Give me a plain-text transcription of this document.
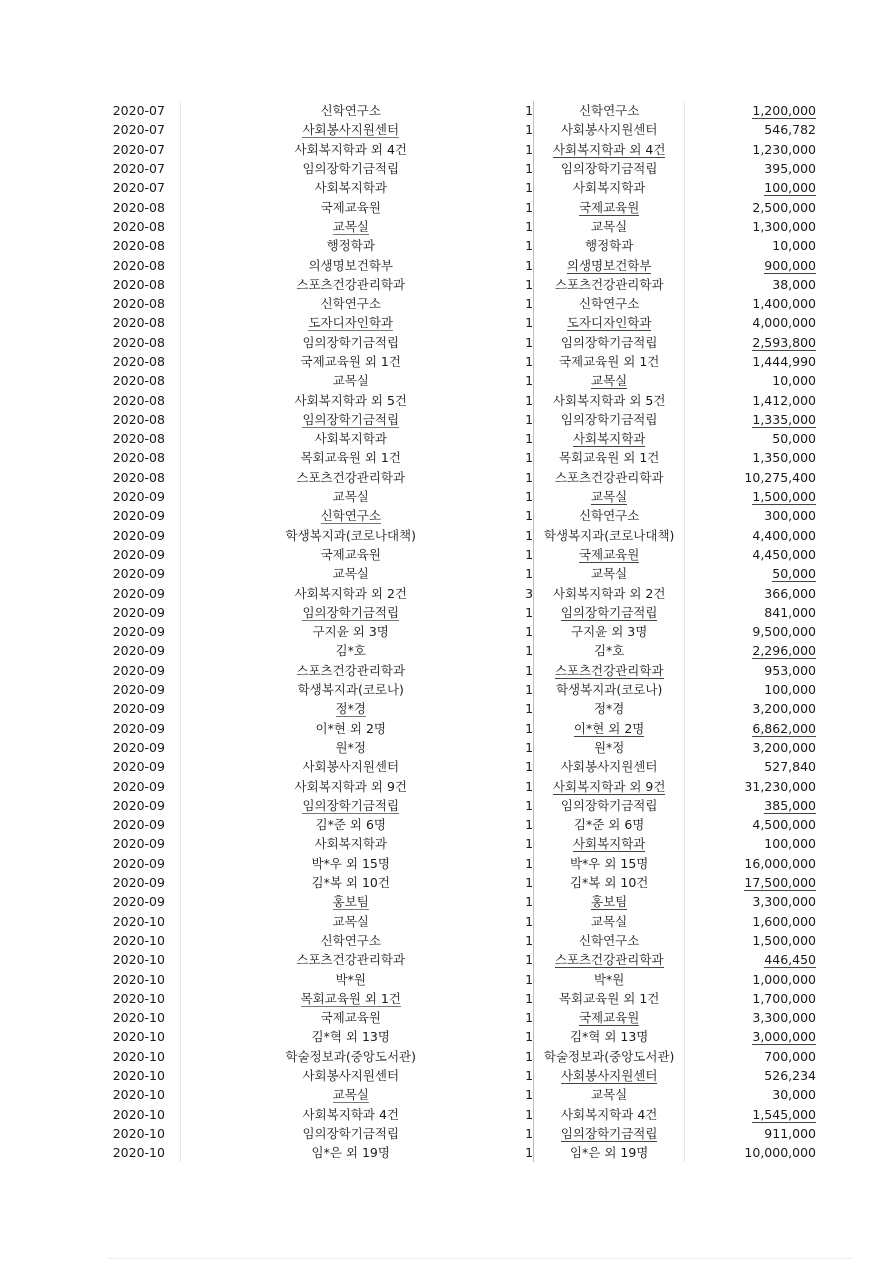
2020-07	신학연구소	1	신학연구소	1,200,000
2020-07	사회봉사지원센터	1	사회봉사지원센터	546,782
2020-07	사회복지학과 외 4건	1	사회복지학과 외 4건	1,230,000
2020-07	임의장학기금적립	1	임의장학기금적립	395,000
2020-07	사회복지학과	1	사회복지학과	100,000
2020-08	국제교육원	1	국제교육원	2,500,000
2020-08	교목실	1	교목실	1,300,000
2020-08	행정학과	1	행정학과	10,000
2020-08	의생명보건학부	1	의생명보건학부	900,000
2020-08	스포츠건강관리학과	1	스포츠건강관리학과	38,000
2020-08	신학연구소	1	신학연구소	1,400,000
2020-08	도자디자인학과	1	도자디자인학과	4,000,000
2020-08	임의장학기금적립	1	임의장학기금적립	2,593,800
2020-08	국제교육원 외 1건	1	국제교육원 외 1건	1,444,990
2020-08	교목실	1	교목실	10,000
2020-08	사회복지학과 외 5건	1	사회복지학과 외 5건	1,412,000
2020-08	임의장학기금적립	1	임의장학기금적립	1,335,000
2020-08	사회복지학과	1	사회복지학과	50,000
2020-08	목회교육원 외 1건	1	목회교육원 외 1건	1,350,000
2020-08	스포츠건강관리학과	1	스포츠건강관리학과	10,275,400
2020-09	교목실	1	교목실	1,500,000
2020-09	신학연구소	1	신학연구소	300,000
2020-09	학생복지과(코로나대책)	1	학생복지과(코로나대책)	4,400,000
2020-09	국제교육원	1	국제교육원	4,450,000
2020-09	교목실	1	교목실	50,000
2020-09	사회복지학과 외 2건	3	사회복지학과 외 2건	366,000
2020-09	임의장학기금적립	1	임의장학기금적립	841,000
2020-09	구지윤 외 3명	1	구지윤 외 3명	9,500,000
2020-09	김*호	1	김*호	2,296,000
2020-09	스포츠건강관리학과	1	스포츠건강관리학과	953,000
2020-09	학생복지과(코로나)	1	학생복지과(코로나)	100,000
2020-09	정*경	1	정*경	3,200,000
2020-09	이*현 외 2명	1	이*현 외 2명	6,862,000
2020-09	원*정	1	원*정	3,200,000
2020-09	사회봉사지원센터	1	사회봉사지원센터	527,840
2020-09	사회복지학과 외 9건	1	사회복지학과 외 9건	31,230,000
2020-09	임의장학기금적립	1	임의장학기금적립	385,000
2020-09	김*준 외 6명	1	김*준 외 6명	4,500,000
2020-09	사회복지학과	1	사회복지학과	100,000
2020-09	박*우 외 15명	1	박*우 외 15명	16,000,000
2020-09	김*복 외 10건	1	김*복 외 10건	17,500,000
2020-09	홍보팀	1	홍보팀	3,300,000
2020-10	교목실	1	교목실	1,600,000
2020-10	신학연구소	1	신학연구소	1,500,000
2020-10	스포츠건강관리학과	1	스포츠건강관리학과	446,450
2020-10	박*원	1	박*원	1,000,000
2020-10	목회교육원 외 1건	1	목회교육원 외 1건	1,700,000
2020-10	국제교육원	1	국제교육원	3,300,000
2020-10	김*혁 외 13명	1	김*혁 외 13명	3,000,000
2020-10	학술정보과(중앙도서관)	1	학술정보과(중앙도서관)	700,000
2020-10	사회봉사지원센터	1	사회봉사지원센터	526,234
2020-10	교목실	1	교목실	30,000
2020-10	사회복지학과 4건	1	사회복지학과 4건	1,545,000
2020-10	임의장학기금적립	1	임의장학기금적립	911,000
2020-10	임*은 외 19명	1	임*은 외 19명	10,000,000
